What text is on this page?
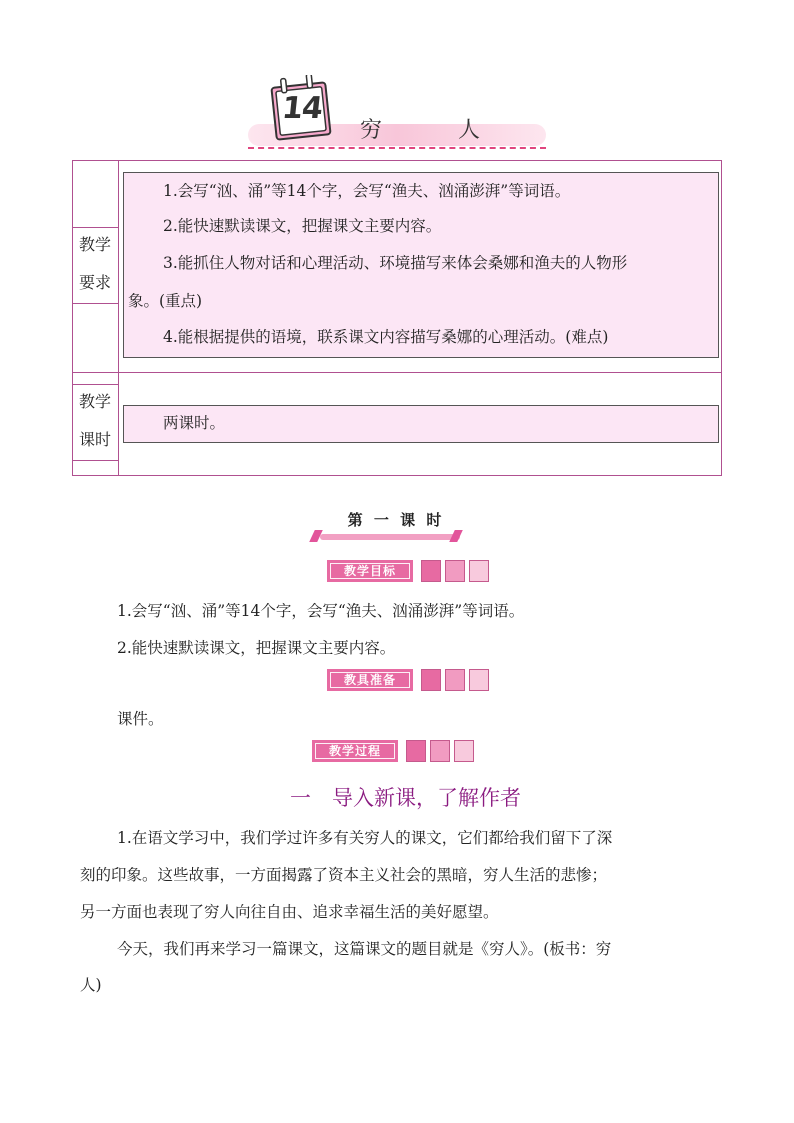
14
穷	人
教学
要求
1.会写“汹、涌”等14个字，会写“渔夫、汹涌澎湃”等词语。
2.能快速默读课文，把握课文主要内容。
3.能抓住人物对话和心理活动、环境描写来体会桑娜和渔夫的人物形
象。(重点)
4.能根据提供的语境，联系课文内容描写桑娜的心理活动。(难点)
教学
课时
两课时。
第 一 课 时
教学目标
1.会写“汹、涌”等14个字，会写“渔夫、汹涌澎湃”等词语。
2.能快速默读课文，把握课文主要内容。
教具准备
课件。
教学过程
一　导入新课，了解作者
1.在语文学习中，我们学过许多有关穷人的课文，它们都给我们留下了深
刻的印象。这些故事，一方面揭露了资本主义社会的黑暗，穷人生活的悲惨；
另一方面也表现了穷人向往自由、追求幸福生活的美好愿望。
今天，我们再来学习一篇课文，这篇课文的题目就是《穷人》。(板书：穷
人)
